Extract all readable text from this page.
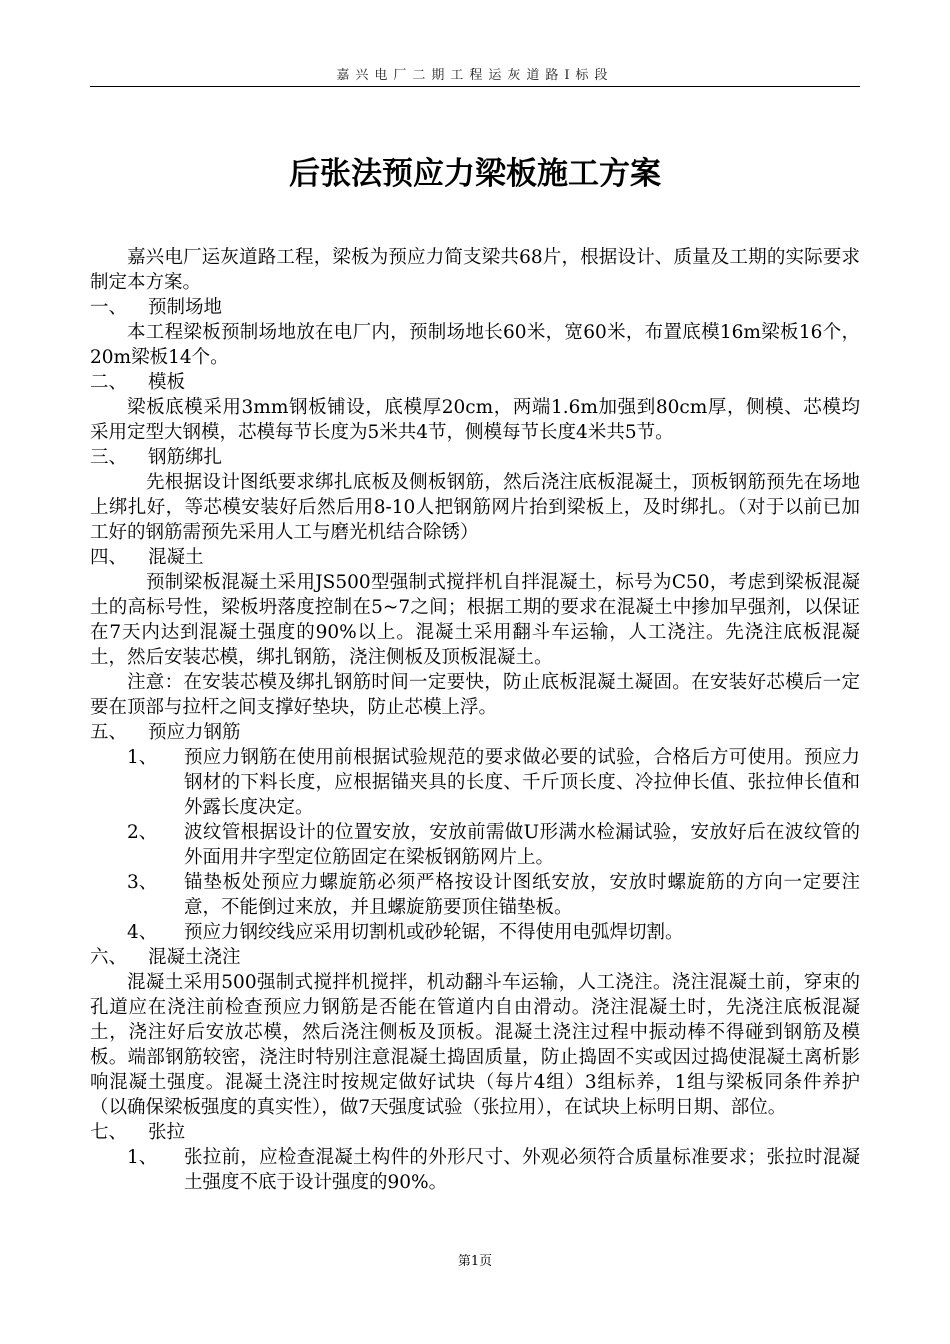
嘉兴电厂二期工程运灰道路I标段
后张法预应力梁板施工方案

嘉兴电厂运灰道路工程，梁板为预应力简支梁共68片，根据设计、质量及工期的实际要求制定本方案。

一、	预制场地

本工程梁板预制场地放在电厂内，预制场地长60米，宽60米，布置底模16m梁板16个，20m梁板14个。

二、	模板

梁板底模采用3mm钢板铺设，底模厚20cm，两端1.6m加强到80cm厚，侧模、芯模均采用定型大钢模，芯模每节长度为5米共4节，侧模每节长度4米共5节。

三、	钢筋绑扎

先根据设计图纸要求绑扎底板及侧板钢筋，然后浇注底板混凝土，顶板钢筋预先在场地上绑扎好，等芯模安装好后然后用8-10人把钢筋网片抬到梁板上，及时绑扎。（对于以前已加工好的钢筋需预先采用人工与磨光机结合除锈）

四、	混凝土

预制梁板混凝土采用JS500型强制式搅拌机自拌混凝土，标号为C50，考虑到梁板混凝土的高标号性，梁板坍落度控制在5~7之间；根据工期的要求在混凝土中掺加早强剂，以保证在7天内达到混凝土强度的90%以上。混凝土采用翻斗车运输，人工浇注。先浇注底板混凝土，然后安装芯模，绑扎钢筋，浇注侧板及顶板混凝土。

注意：在安装芯模及绑扎钢筋时间一定要快，防止底板混凝土凝固。在安装好芯模后一定要在顶部与拉杆之间支撑好垫块，防止芯模上浮。

五、	预应力钢筋
1、	预应力钢筋在使用前根据试验规范的要求做必要的试验，合格后方可使用。预应力钢材的下料长度，应根据锚夹具的长度、千斤顶长度、冷拉伸长值、张拉伸长值和外露长度决定。
2、	波纹管根据设计的位置安放，安放前需做U形满水检漏试验，安放好后在波纹管的外面用井字型定位筋固定在梁板钢筋网片上。
3、	锚垫板处预应力螺旋筋必须严格按设计图纸安放，安放时螺旋筋的方向一定要注意，不能倒过来放，并且螺旋筋要顶住锚垫板。
4、	预应力钢绞线应采用切割机或砂轮锯，不得使用电弧焊切割。
六、	混凝土浇注

混凝土采用500强制式搅拌机搅拌，机动翻斗车运输，人工浇注。浇注混凝土前，穿束的孔道应在浇注前检查预应力钢筋是否能在管道内自由滑动。浇注混凝土时，先浇注底板混凝土，浇注好后安放芯模，然后浇注侧板及顶板。混凝土浇注过程中振动棒不得碰到钢筋及模板。端部钢筋较密，浇注时特别注意混凝土捣固质量，防止捣固不实或因过捣使混凝土离析影响混凝土强度。混凝土浇注时按规定做好试块（每片4组）3组标养，1组与梁板同条件养护（以确保梁板强度的真实性），做7天强度试验（张拉用），在试块上标明日期、部位。

七、	张拉
1、	张拉前，应检查混凝土构件的外形尺寸、外观必须符合质量标准要求；张拉时混凝土强度不底于设计强度的90%。
第1页
